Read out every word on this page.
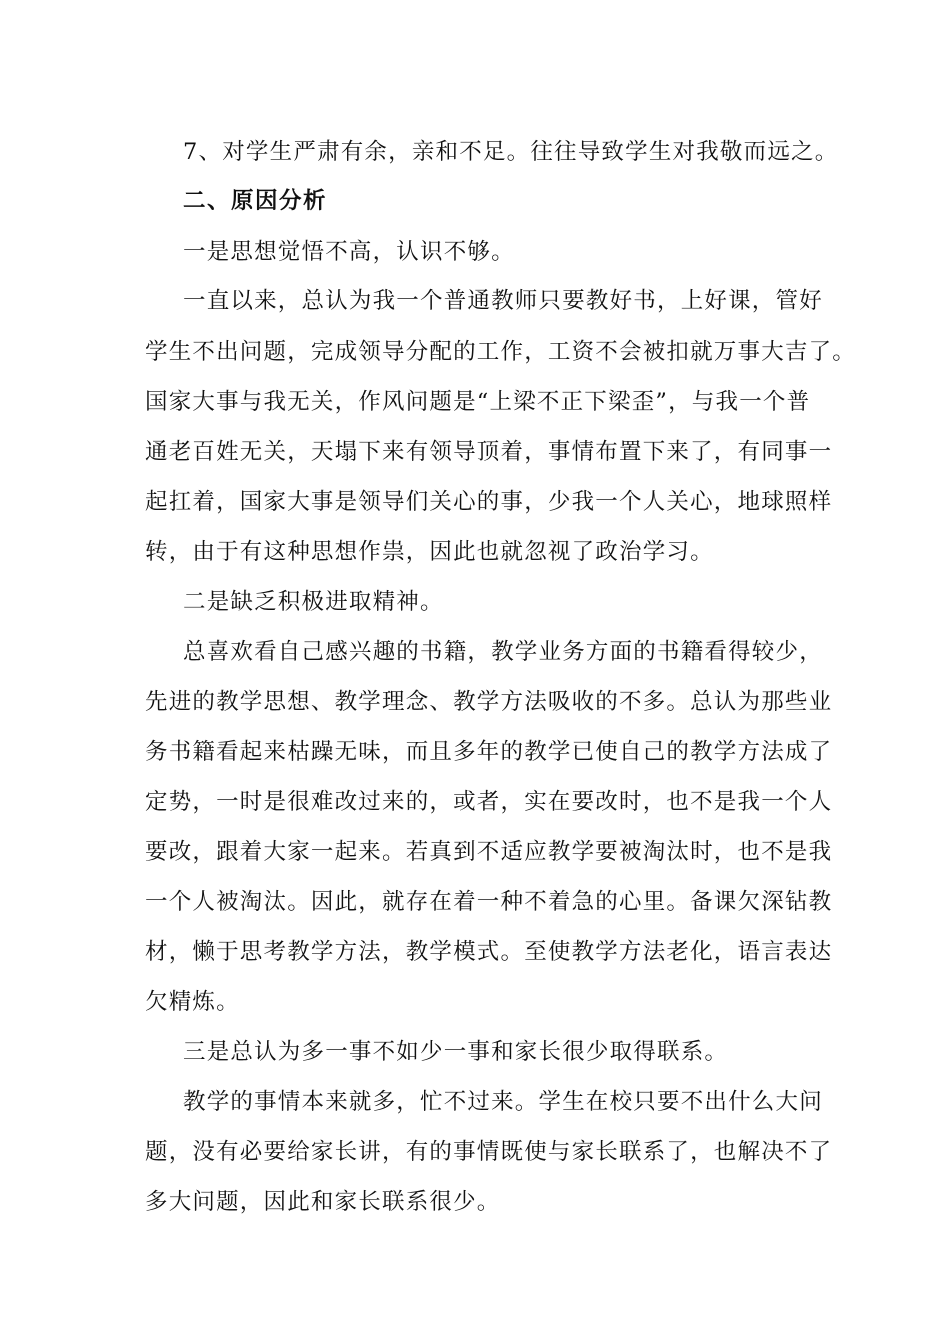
7、对学生严肃有余，亲和不足。往往导致学生对我敬而远之。
二、原因分析
一是思想觉悟不高，认识不够。
一直以来，总认为我一个普通教师只要教好书，上好课，管好
学生不出问题，完成领导分配的工作，工资不会被扣就万事大吉了。
国家大事与我无关，作风问题是“上梁不正下梁歪”，与我一个普
通老百姓无关，天塌下来有领导顶着，事情布置下来了，有同事一
起扛着，国家大事是领导们关心的事，少我一个人关心，地球照样
转，由于有这种思想作祟，因此也就忽视了政治学习。
二是缺乏积极进取精神。
总喜欢看自己感兴趣的书籍，教学业务方面的书籍看得较少，
先进的教学思想、教学理念、教学方法吸收的不多。总认为那些业
务书籍看起来枯躁无味，而且多年的教学已使自己的教学方法成了
定势，一时是很难改过来的，或者，实在要改时，也不是我一个人
要改，跟着大家一起来。若真到不适应教学要被淘汰时，也不是我
一个人被淘汰。因此，就存在着一种不着急的心里。备课欠深钻教
材，懒于思考教学方法，教学模式。至使教学方法老化，语言表达
欠精炼。
三是总认为多一事不如少一事和家长很少取得联系。
教学的事情本来就多，忙不过来。学生在校只要不出什么大问
题，没有必要给家长讲，有的事情既使与家长联系了，也解决不了
多大问题，因此和家长联系很少。
